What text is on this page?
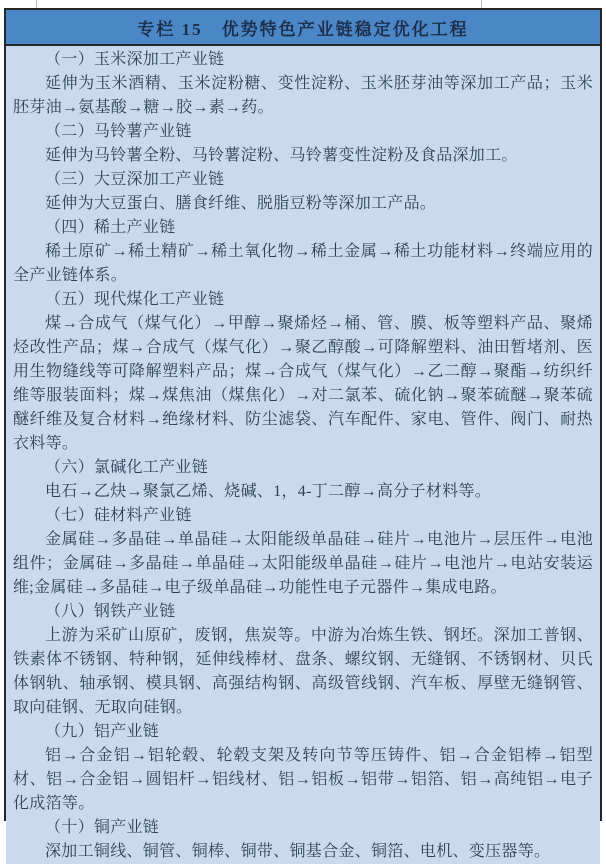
专栏 15　优势特色产业链稳定优化工程

（一）玉米深加工产业链

延伸为玉米酒精、玉米淀粉糖、变性淀粉、玉米胚芽油等深加工产品；玉米胚芽油→氨基酸→糖→胶→素→药。

（二）马铃薯产业链

延伸为马铃薯全粉、马铃薯淀粉、马铃薯变性淀粉及食品深加工。

（三）大豆深加工产业链

延伸为大豆蛋白、膳食纤维、脱脂豆粉等深加工产品。

（四）稀土产业链

稀土原矿→稀土精矿→稀土氧化物→稀土金属→稀土功能材料→终端应用的全产业链体系。

（五）现代煤化工产业链

煤→合成气（煤气化）→甲醇→聚烯烃→桶、管、膜、板等塑料产品、聚烯烃改性产品；煤→合成气（煤气化）→聚乙醇酸→可降解塑料、油田暂堵剂、医用生物缝线等可降解塑料产品；煤→合成气（煤气化）→乙二醇→聚酯→纺织纤维等服装面料；煤→煤焦油（煤焦化）→对二氯苯、硫化钠→聚苯硫醚→聚苯硫醚纤维及复合材料→绝缘材料、防尘滤袋、汽车配件、家电、管件、阀门、耐热衣料等。

（六）氯碱化工产业链

电石→乙炔→聚氯乙烯、烧碱、1，4-丁二醇→高分子材料等。

（七）硅材料产业链

金属硅→多晶硅→单晶硅→太阳能级单晶硅→硅片→电池片→层压件→电池组件；金属硅→多晶硅→单晶硅→太阳能级单晶硅→硅片→电池片→电站安装运维;金属硅→多晶硅→电子级单晶硅→功能性电子元器件→集成电路。

（八）钢铁产业链

上游为采矿山原矿，废钢，焦炭等。中游为冶炼生铁、钢坯。深加工普钢、铁素体不锈钢、特种钢，延伸线棒材、盘条、螺纹钢、无缝钢、不锈钢材、贝氏体钢轨、轴承钢、模具钢、高强结构钢、高级管线钢、汽车板、厚壁无缝钢管、取向硅钢、无取向硅钢。

（九）铝产业链

铝→合金铝→铝轮毂、轮毂支架及转向节等压铸件、铝→合金铝棒→铝型材、铝→合金铝→圆铝杆→铝线材、铝→铝板→铝带→铝箔、铝→高纯铝→电子化成箔等。

（十）铜产业链

深加工铜线、铜管、铜棒、铜带、铜基合金、铜箔、电机、变压器等。
